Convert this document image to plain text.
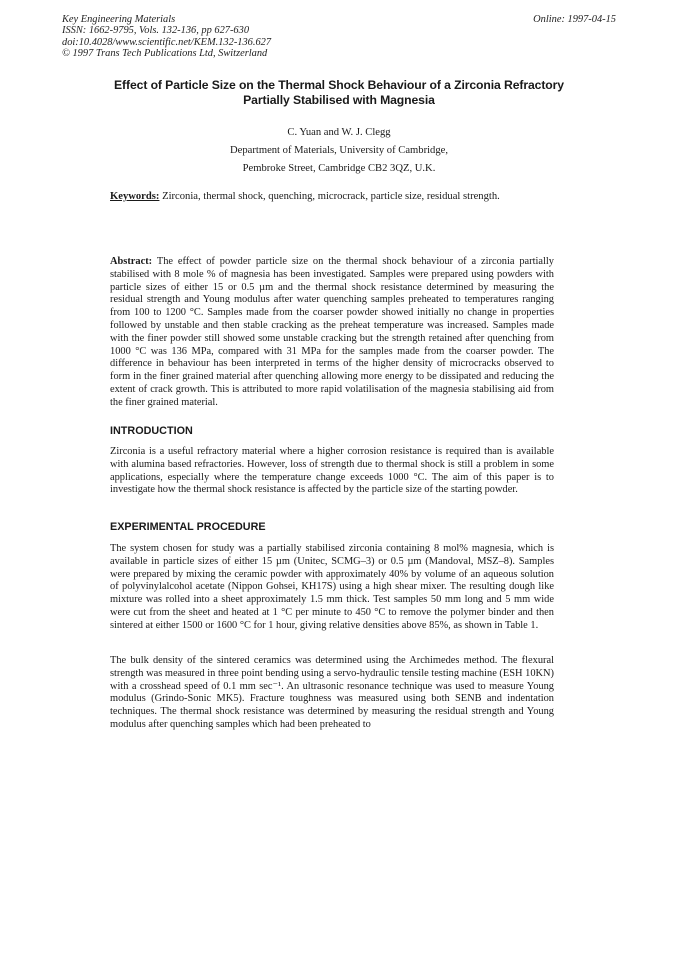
Key Engineering Materials
ISSN: 1662-9795, Vols. 132-136, pp 627-630
doi:10.4028/www.scientific.net/KEM.132-136.627
© 1997 Trans Tech Publications Ltd, Switzerland
Online: 1997-04-15
Effect of Particle Size on the Thermal Shock Behaviour of a Zirconia Refractory Partially Stabilised with Magnesia
C. Yuan and W. J. Clegg
Department of Materials, University of Cambridge,
Pembroke Street, Cambridge CB2 3QZ, U.K.
Keywords: Zirconia, thermal shock, quenching, microcrack, particle size, residual strength.
Abstract: The effect of powder particle size on the thermal shock behaviour of a zirconia partially stabilised with 8 mole % of magnesia has been investigated. Samples were prepared using powders with particle sizes of either 15 or 0.5 µm and the thermal shock resistance determined by measuring the residual strength and Young modulus after water quenching samples preheated to temperatures ranging from 100 to 1200 °C. Samples made from the coarser powder showed initially no change in properties followed by unstable and then stable cracking as the preheat temperature was increased. Samples made with the finer powder still showed some unstable cracking but the strength retained after quenching from 1000 °C was 136 MPa, compared with 31 MPa for the samples made from the coarser powder. The difference in behaviour has been interpreted in terms of the higher density of microcracks observed to form in the finer grained material after quenching allowing more energy to be dissipated and reducing the extent of crack growth. This is attributed to more rapid volatilisation of the magnesia stabilising aid from the finer grained material.
INTRODUCTION
Zirconia is a useful refractory material where a higher corrosion resistance is required than is available with alumina based refractories. However, loss of strength due to thermal shock is still a problem in some applications, especially where the temperature change exceeds 1000 °C. The aim of this paper is to investigate how the thermal shock resistance is affected by the particle size of the starting powder.
EXPERIMENTAL PROCEDURE
The system chosen for study was a partially stabilised zirconia containing 8 mol% magnesia, which is available in particle sizes of either 15 µm (Unitec, SCMG–3) or 0.5 µm (Mandoval, MSZ–8). Samples were prepared by mixing the ceramic powder with approximately 40% by volume of an aqueous solution of polyvinylalcohol acetate (Nippon Gohsei, KH17S) using a high shear mixer. The resulting dough like mixture was rolled into a sheet approximately 1.5 mm thick. Test samples 50 mm long and 5 mm wide were cut from the sheet and heated at 1 °C per minute to 450 °C to remove the polymer binder and then sintered at either 1500 or 1600 °C for 1 hour, giving relative densities above 85%, as shown in Table 1.
The bulk density of the sintered ceramics was determined using the Archimedes method. The flexural strength was measured in three point bending using a servo-hydraulic tensile testing machine (ESH 10KN) with a crosshead speed of 0.1 mm sec⁻¹. An ultrasonic resonance technique was used to measure Young modulus (Grindo-Sonic MK5). Fracture toughness was measured using both SENB and indentation techniques. The thermal shock resistance was determined by measuring the residual strength and Young modulus after quenching samples which had been preheated to
